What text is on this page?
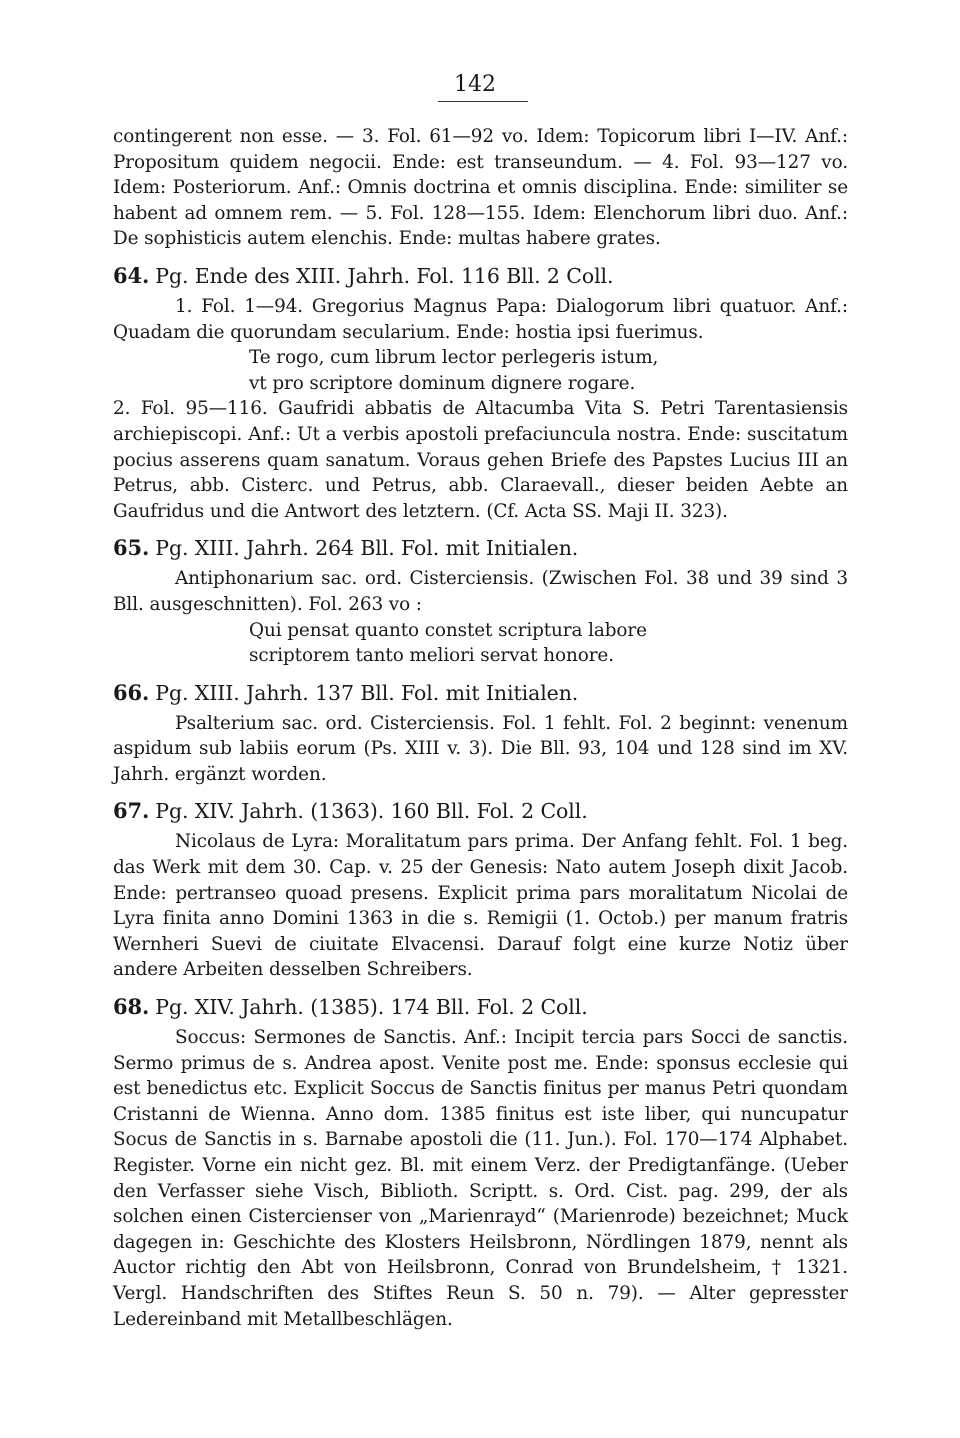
142

contingerent non esse. — 3. Fol. 61—92 vo. Idem: Topicorum libri I—IV. Anf.: Propositum quidem negocii. Ende: est transeundum. — 4. Fol. 93—127 vo. Idem: Posteriorum. Anf.: Omnis doctrina et omnis disciplina. Ende: similiter se habent ad omnem rem. — 5. Fol. 128—155. Idem: Elenchorum libri duo. Anf.: De sophisticis autem elenchis. Ende: multas habere grates.

64. Pg. Ende des XIII. Jahrh. Fol. 116 Bll. 2 Coll.

1. Fol. 1—94. Gregorius Magnus Papa: Dialogorum libri quatuor. Anf.: Quadam die quorundam secularium. Ende: hostia ipsi fuerimus.

Te rogo, cum librum lector perlegeris istum,

vt pro scriptore dominum dignere rogare.

2. Fol. 95—116. Gaufridi abbatis de Altacumba Vita S. Petri Tarentasiensis archiepiscopi. Anf.: Ut a verbis apostoli prefaciuncula nostra. Ende: suscitatum pocius asserens quam sanatum. Voraus gehen Briefe des Papstes Lucius III an Petrus, abb. Cisterc. und Petrus, abb. Claraevall., dieser beiden Aebte an Gaufridus und die Antwort des letztern. (Cf. Acta SS. Maji II. 323).

65. Pg. XIII. Jahrh. 264 Bll. Fol. mit Initialen.

Antiphonarium sac. ord. Cisterciensis. (Zwischen Fol. 38 und 39 sind 3 Bll. ausgeschnitten). Fol. 263 vo :

Qui pensat quanto constet scriptura labore

scriptorem tanto meliori servat honore.

66. Pg. XIII. Jahrh. 137 Bll. Fol. mit Initialen.

Psalterium sac. ord. Cisterciensis. Fol. 1 fehlt. Fol. 2 beginnt: venenum aspidum sub labiis eorum (Ps. XIII v. 3). Die Bll. 93, 104 und 128 sind im XV. Jahrh. ergänzt worden.

67. Pg. XIV. Jahrh. (1363). 160 Bll. Fol. 2 Coll.

Nicolaus de Lyra: Moralitatum pars prima. Der Anfang fehlt. Fol. 1 beg. das Werk mit dem 30. Cap. v. 25 der Genesis: Nato autem Joseph dixit Jacob. Ende: pertranseo quoad presens. Explicit prima pars moralitatum Nicolai de Lyra finita anno Domini 1363 in die s. Remigii (1. Octob.) per manum fratris Wernheri Suevi de ciuitate Elvacensi. Darauf folgt eine kurze Notiz über andere Arbeiten desselben Schreibers.

68. Pg. XIV. Jahrh. (1385). 174 Bll. Fol. 2 Coll.

Soccus: Sermones de Sanctis. Anf.: Incipit tercia pars Socci de sanctis. Sermo primus de s. Andrea apost. Venite post me. Ende: sponsus ecclesie qui est benedictus etc. Explicit Soccus de Sanctis finitus per manus Petri quondam Cristanni de Wienna. Anno dom. 1385 finitus est iste liber, qui nuncupatur Socus de Sanctis in s. Barnabe apostoli die (11. Jun.). Fol. 170—174 Alphabet. Register. Vorne ein nicht gez. Bl. mit einem Verz. der Predigtanfänge. (Ueber den Verfasser siehe Visch, Biblioth. Scriptt. s. Ord. Cist. pag. 299, der als solchen einen Cistercienser von „Marienrayd“ (Marienrode) bezeichnet; Muck dagegen in: Geschichte des Klosters Heilsbronn, Nördlingen 1879, nennt als Auctor richtig den Abt von Heilsbronn, Conrad von Brundelsheim, † 1321. Vergl. Handschriften des Stiftes Reun S. 50 n. 79). — Alter gepresster Ledereinband mit Metallbeschlägen.
